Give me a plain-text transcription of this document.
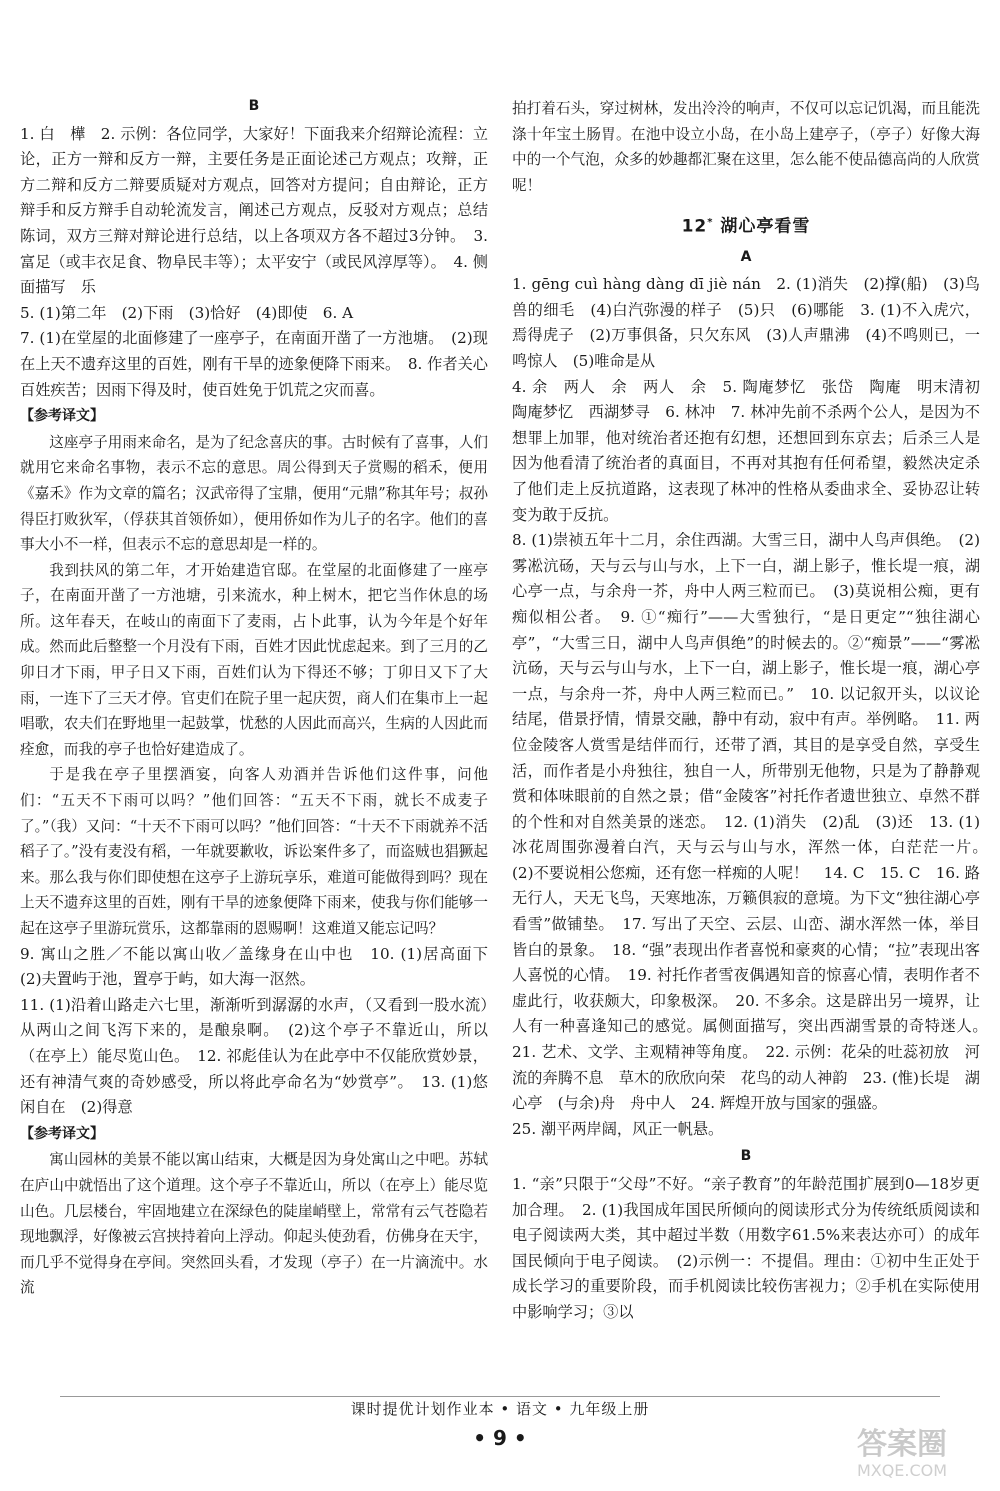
B

1. 白　樺　2. 示例：各位同学，大家好！下面我来介绍辩论流程：立论，正方一辩和反方一辩，主要任务是正面论述己方观点；攻辩，正方二辩和反方二辩要质疑对方观点，回答对方提问；自由辩论，正方辩手和反方辩手自动轮流发言，阐述己方观点，反驳对方观点；总结陈词，双方三辩对辩论进行总结，以上各项双方各不超过3分钟。　3. 富足（或丰衣足食、物阜民丰等）；太平安宁（或民风淳厚等）。　4. 侧面描写　乐

5. (1)第二年　(2)下雨　(3)恰好　(4)即使　6. A

7. (1)在堂屋的北面修建了一座亭子，在南面开凿了一方池塘。　(2)现在上天不遗弃这里的百姓，刚有干旱的迹象便降下雨来。　8. 作者关心百姓疾苦；因雨下得及时，使百姓免于饥荒之灾而喜。

【参考译文】

这座亭子用雨来命名，是为了纪念喜庆的事。古时候有了喜事，人们就用它来命名事物，表示不忘的意思。周公得到天子赏赐的稻禾，便用《嘉禾》作为文章的篇名；汉武帝得了宝鼎，便用“元鼎”称其年号；叔孙得臣打败狄军，（俘获其首领侨如），便用侨如作为儿子的名字。他们的喜事大小不一样，但表示不忘的意思却是一样的。

我到扶风的第二年，才开始建造官邸。在堂屋的北面修建了一座亭子，在南面开凿了一方池塘，引来流水，种上树木，把它当作休息的场所。这年春天，在岐山的南面下了麦雨，占卜此事，认为今年是个好年成。然而此后整整一个月没有下雨，百姓才因此忧虑起来。到了三月的乙卯日才下雨，甲子日又下雨，百姓们认为下得还不够；丁卯日又下了大雨，一连下了三天才停。官吏们在院子里一起庆贺，商人们在集市上一起唱歌，农夫们在野地里一起鼓掌，忧愁的人因此而高兴，生病的人因此而痊愈，而我的亭子也恰好建造成了。

于是我在亭子里摆酒宴，向客人劝酒并告诉他们这件事，问他们：“五天不下雨可以吗？”他们回答：“五天不下雨，就长不成麦子了。”（我）又问：“十天不下雨可以吗？”他们回答：“十天不下雨就养不活稻子了。”没有麦没有稻，一年就要歉收，诉讼案件多了，而盗贼也猖獗起来。那么我与你们即使想在这亭子上游玩享乐，难道可能做得到吗？现在上天不遗弃这里的百姓，刚有干旱的迹象便降下雨来，使我与你们能够一起在这亭子里游玩赏乐，这都靠雨的恩赐啊！这难道又能忘记吗？

9. 寓山之胜／不能以寓山收／盖缘身在山中也　10. (1)居高面下　(2)夫置屿于池，置亭于屿，如大海一沤然。

11. (1)沿着山路走六七里，渐渐听到潺潺的水声，（又看到一股水流）从两山之间飞泻下来的，是酿泉啊。　(2)这个亭子不靠近山，所以（在亭上）能尽览山色。　12. 祁彪佳认为在此亭中不仅能欣赏妙景，还有神清气爽的奇妙感受，所以将此亭命名为“妙赏亭”。　13. (1)悠闲自在　(2)得意

【参考译文】

寓山园林的美景不能以寓山结束，大概是因为身处寓山之中吧。苏轼在庐山中就悟出了这个道理。这个亭子不靠近山，所以（在亭上）能尽览山色。几层楼台，牢固地建立在深绿色的陡崖峭壁上，常常有云气苍隐若现地飘浮，好像被云宫挟持着向上浮动。仰起头使劲看，仿佛身在天宇，而几乎不觉得身在亭间。突然回头看，才发现（亭子）在一片滴流中。水流

拍打着石头，穿过树林，发出泠泠的响声，不仅可以忘记饥渴，而且能洗涤十年宝土肠胃。在池中设立小岛，在小岛上建亭子，（亭子）好像大海中的一个气泡，众多的妙趣都汇聚在这里，怎么能不使品德高尚的人欣赏呢！

12* 湖心亭看雪
A

1. gēng cuì hàng dàng dī jiè nán　2. (1)消失　(2)撑(船)　(3)鸟兽的细毛　(4)白汽弥漫的样子　(5)只　(6)哪能　3. (1)不入虎穴，焉得虎子　(2)万事俱备，只欠东风　(3)人声鼎沸　(4)不鸣则已，一鸣惊人　(5)唯命是从

4. 余　两人　余　两人　余　5. 陶庵梦忆　张岱　陶庵　明末清初　陶庵梦忆　西湖梦寻　6. 林冲　7. 林冲先前不杀两个公人，是因为不想罪上加罪，他对统治者还抱有幻想，还想回到东京去；后杀三人是因为他看清了统治者的真面目，不再对其抱有任何希望，毅然决定杀了他们走上反抗道路，这表现了林冲的性格从委曲求全、妥协忍让转变为敢于反抗。

8. (1)崇祯五年十二月，余住西湖。大雪三日，湖中人鸟声俱绝。　(2)雾凇沆砀，天与云与山与水，上下一白，湖上影子，惟长堤一痕，湖心亭一点，与余舟一芥，舟中人两三粒而已。　(3)莫说相公痴，更有痴似相公者。　9. ①“痴行”——大雪独行，“是日更定”“独往湖心亭”，“大雪三日，湖中人鸟声俱绝”的时候去的。②“痴景”——“雾凇沆砀，天与云与山与水，上下一白，湖上影子，惟长堤一痕，湖心亭一点，与余舟一芥，舟中人两三粒而已。”　10. 以记叙开头，以议论结尾，借景抒情，情景交融，静中有动，寂中有声。举例略。　11. 两位金陵客人赏雪是结伴而行，还带了酒，其目的是享受自然，享受生活，而作者是小舟独往，独自一人，所带别无他物，只是为了静静观赏和体味眼前的自然之景；借“金陵客”衬托作者遗世独立、卓然不群的个性和对自然美景的迷恋。　12. (1)消失　(2)乱　(3)还　13. (1)冰花周围弥漫着白汽，天与云与山与水，浑然一体，白茫茫一片。　(2)不要说相公您痴，还有您一样痴的人呢！　14. C　15. C　16. 路无行人，天无飞鸟，天寒地冻，万籁俱寂的意境。为下文“独往湖心亭看雪”做铺垫。　17. 写出了天空、云层、山峦、湖水浑然一体，举目皆白的景象。　18. “强”表现出作者喜悦和豪爽的心情；“拉”表现出客人喜悦的心情。　19. 衬托作者雪夜偶遇知音的惊喜心情，表明作者不虚此行，收获颇大，印象极深。　20. 不多余。这是辟出另一境界，让人有一种喜逢知己的感觉。属侧面描写，突出西湖雪景的奇特迷人。　21. 艺术、文学、主观精神等角度。　22. 示例：花朵的吐蕊初放　河流的奔腾不息　草木的欣欣向荣　花鸟的动人神韵　23. (惟)长堤　湖心亭　(与余)舟　舟中人　24. 辉煌开放与国家的强盛。

25. 潮平两岸阔，风正一帆悬。

B

1. “亲”只限于“父母”不好。“亲子教育”的年龄范围扩展到0—18岁更加合理。　2. (1)我国成年国民所倾向的阅读形式分为传统纸质阅读和电子阅读两大类，其中超过半数（用数字61.5%来表达亦可）的成年国民倾向于电子阅读。　(2)示例一：不提倡。理由：①初中生正处于成长学习的重要阶段，而手机阅读比较伤害视力；②手机在实际使用中影响学习；③以

课时提优计划作业本 • 语文 • 九年级上册
• 9 •	答案圈
MXQE.COM
